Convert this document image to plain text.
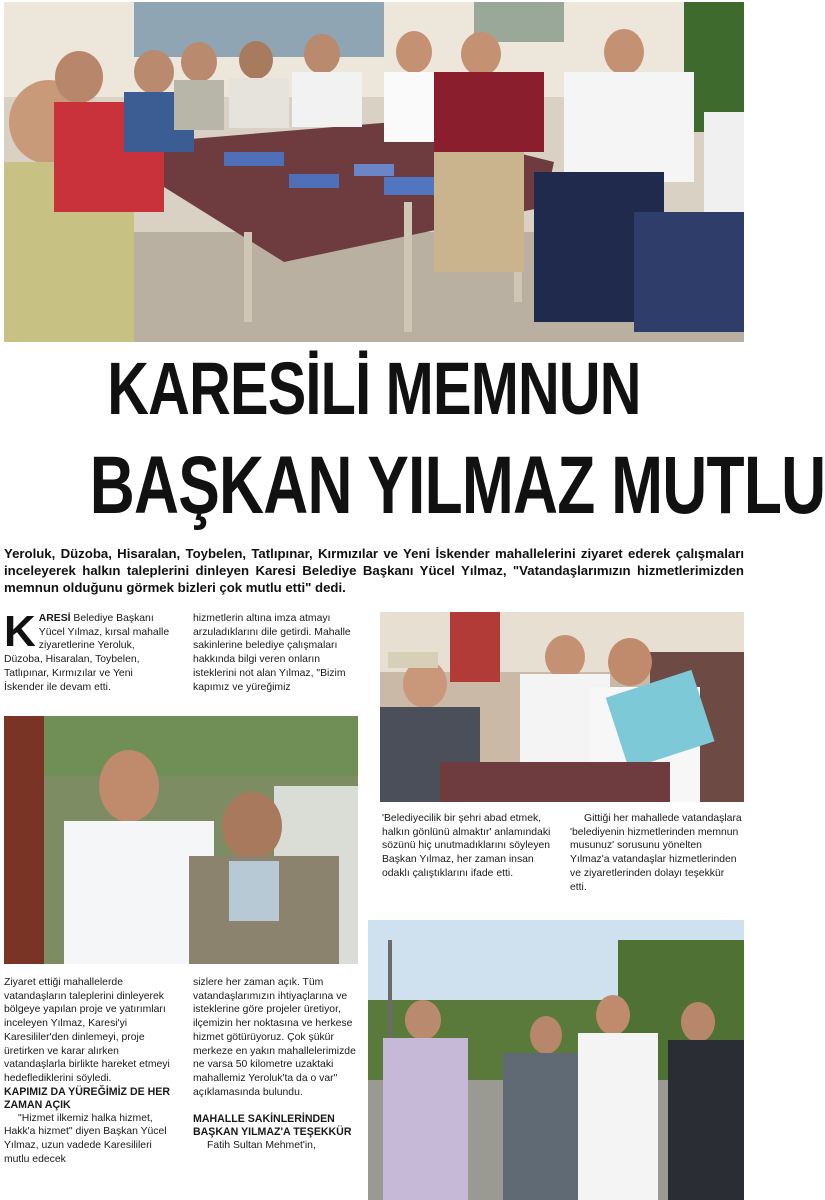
KARESİLİ MEMNUN
BAŞKAN YILMAZ MUTLU
Yeroluk, Düzoba, Hisaralan, Toybelen, Tatlıpınar, Kırmızılar ve Yeni İskender mahallelerini ziyaret ederek çalışmaları inceleyerek halkın taleplerini dinleyen Karesi Belediye Başkanı Yücel Yılmaz, "Vatandaşlarımızın hizmetlerimizden memnun olduğunu görmek bizleri çok mutlu etti" dedi.

KARESİ Belediye Başkanı Yücel Yılmaz, kırsal mahalle ziyaretlerine Yeroluk, Düzoba, Hisaralan, Toybelen, Tatlıpınar, Kırmızılar ve Yeni İskender ile devam etti.

hizmetlerin altına imza atmayı arzuladıklarını dile getirdi. Mahalle sakinlerine belediye çalışmaları hakkında bilgi veren onların isteklerini not alan Yılmaz, "Bizim kapımız ve yüreğimiz

'Belediyecilik bir şehri abad etmek, halkın gönlünü almaktır' anlamındaki sözünü hiç unutmadıklarını söyleyen Başkan Yılmaz, her zaman insan odaklı çalıştıklarını ifade etti.

Gittiği her mahallede vatandaşlara 'belediyenin hizmetlerinden memnun musunuz' sorusunu yönelten Yılmaz'a vatandaşlar hizmetlerinden ve ziyaretlerinden dolayı teşekkür etti.

Ziyaret ettiği mahallelerde vatandaşların taleplerini dinleyerek bölgeye yapılan proje ve yatırımları inceleyen Yılmaz, Karesi'yi Karesililer'den dinlemeyi, proje üretirken ve karar alırken vatandaşlarla birlikte hareket etmeyi hedeflediklerini söyledi.

KAPIMIZ DA YÜREĞİMİZ DE HER ZAMAN AÇIK

"Hizmet ilkemiz halka hizmet, Hakk'a hizmet" diyen Başkan Yücel Yılmaz, uzun vadede Karesilileri mutlu edecek

sizlere her zaman açık. Tüm vatandaşlarımızın ihtiyaçlarına ve isteklerine göre projeler üretiyor, ilçemizin her noktasına ve herkese hizmet götürüyoruz. Çok şükür merkeze en yakın mahallelerimizde ne varsa 50 kilometre uzaktaki mahallemiz Yeroluk'ta da o var" açıklamasında bulundu.

MAHALLE SAKİNLERİNDEN BAŞKAN YILMAZ'A TEŞEKKÜR

Fatih Sultan Mehmet'in,
